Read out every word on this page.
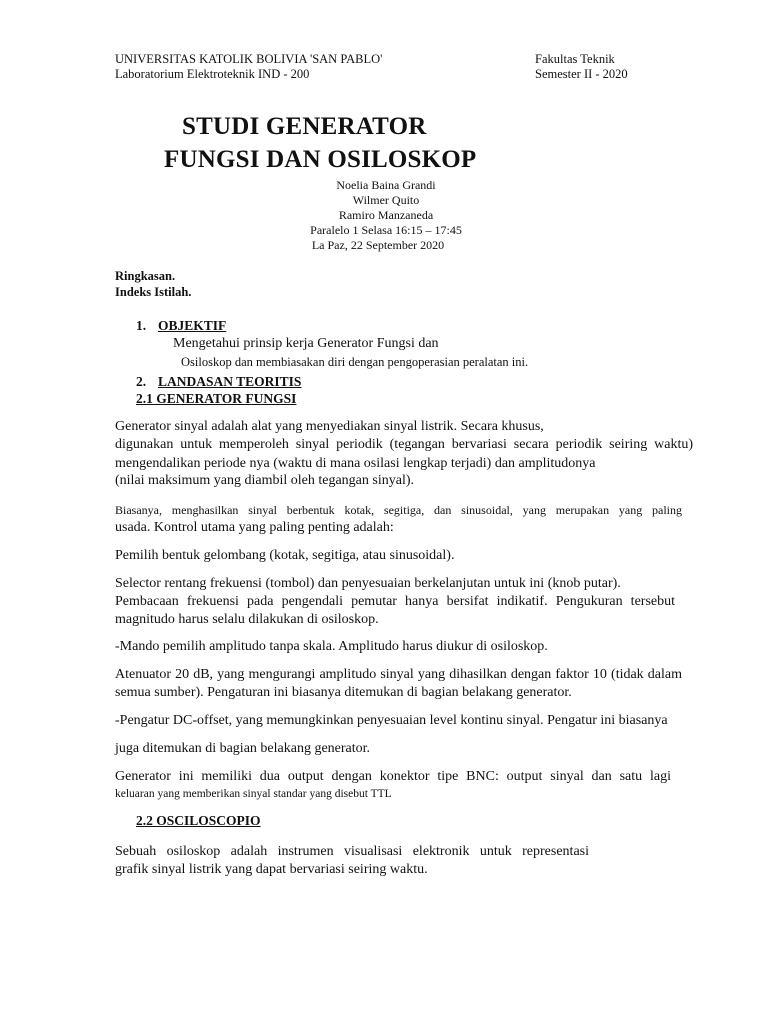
UNIVERSITAS KATOLIK BOLIVIA 'SAN PABLO'	Fakultas Teknik
Laboratorium Elektroteknik IND - 200	Semester II - 2020
STUDI GENERATOR
FUNGSI DAN OSILOSKOP
Noelia Baina Grandi
Wilmer Quito
Ramiro Manzaneda
Paralelo 1 Selasa 16:15 – 17:45
La Paz, 22 September 2020
Ringkasan.
Indeks Istilah.
1. OBJEKTIF
Mengetahui prinsip kerja Generator Fungsi dan
Osiloskop dan membiasakan diri dengan pengoperasian peralatan ini.
2. LANDASAN TEORITIS
2.1 GENERATOR FUNGSI
Generator sinyal adalah alat yang menyediakan sinyal listrik. Secara khusus,
digunakan untuk memperoleh sinyal periodik (tegangan bervariasi secara periodik seiring waktu)
mengendalikan periode nya (waktu di mana osilasi lengkap terjadi) dan amplitudonya
(nilai maksimum yang diambil oleh tegangan sinyal).
Biasanya, menghasilkan sinyal berbentuk kotak, segitiga, dan sinusoidal, yang merupakan yang paling
usada. Kontrol utama yang paling penting adalah:
Pemilih bentuk gelombang (kotak, segitiga, atau sinusoidal).
Selector rentang frekuensi (tombol) dan penyesuaian berkelanjutan untuk ini (knob putar).
Pembacaan frekuensi pada pengendali pemutar hanya bersifat indikatif. Pengukuran tersebut
magnitudo harus selalu dilakukan di osiloskop.
-Mando pemilih amplitudo tanpa skala. Amplitudo harus diukur di osiloskop.
Atenuator 20 dB, yang mengurangi amplitudo sinyal yang dihasilkan dengan faktor 10 (tidak dalam
semua sumber). Pengaturan ini biasanya ditemukan di bagian belakang generator.
-Pengatur DC-offset, yang memungkinkan penyesuaian level kontinu sinyal. Pengatur ini biasanya
juga ditemukan di bagian belakang generator.
Generator ini memiliki dua output dengan konektor tipe BNC: output sinyal dan satu lagi
keluaran yang memberikan sinyal standar yang disebut TTL
2.2 OSCILOSCOPIO
Sebuah osiloskop adalah instrumen visualisasi elektronik untuk representasi
grafik sinyal listrik yang dapat bervariasi seiring waktu.
